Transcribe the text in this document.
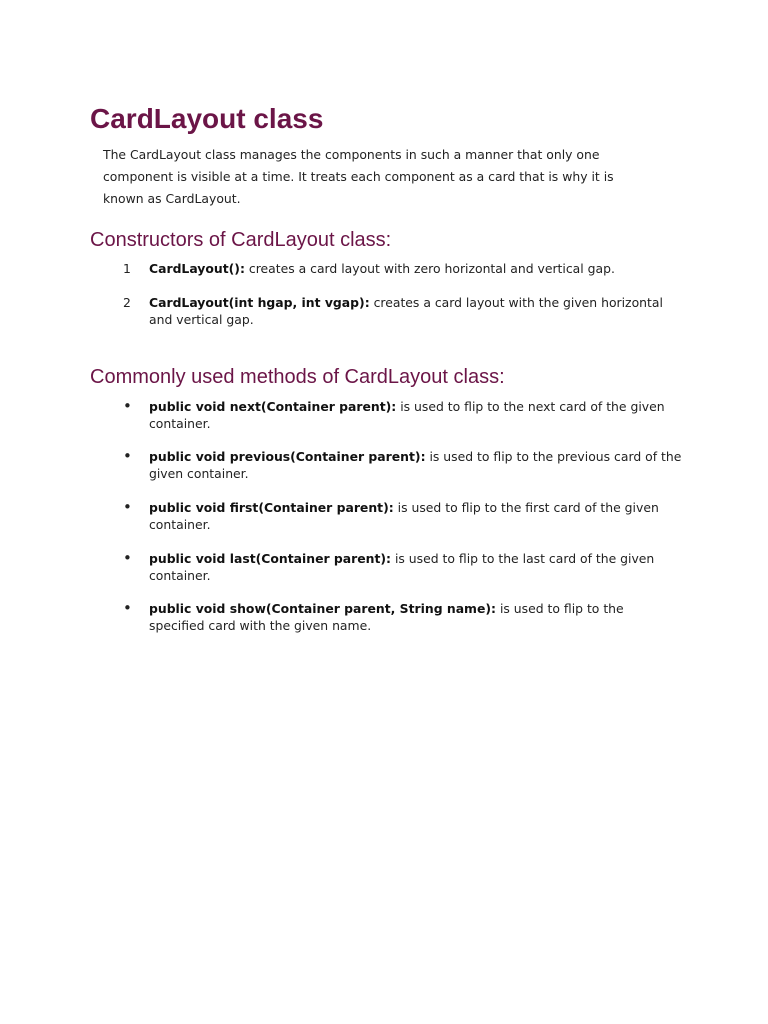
CardLayout class

The CardLayout class manages the components in such a manner that only one component is visible at a time. It treats each component as a card that is why it is known as CardLayout.

Constructors of CardLayout class:
1	CardLayout(): creates a card layout with zero horizontal and vertical gap.
2	CardLayout(int hgap, int vgap): creates a card layout with the given horizontal and vertical gap.
Commonly used methods of CardLayout class:
•	public void next(Container parent): is used to flip to the next card of the given container.
•	public void previous(Container parent): is used to flip to the previous card of the given container.
•	public void first(Container parent): is used to flip to the first card of the given container.
•	public void last(Container parent): is used to flip to the last card of the given container.
•	public void show(Container parent, String name): is used to flip to the specified card with the given name.
